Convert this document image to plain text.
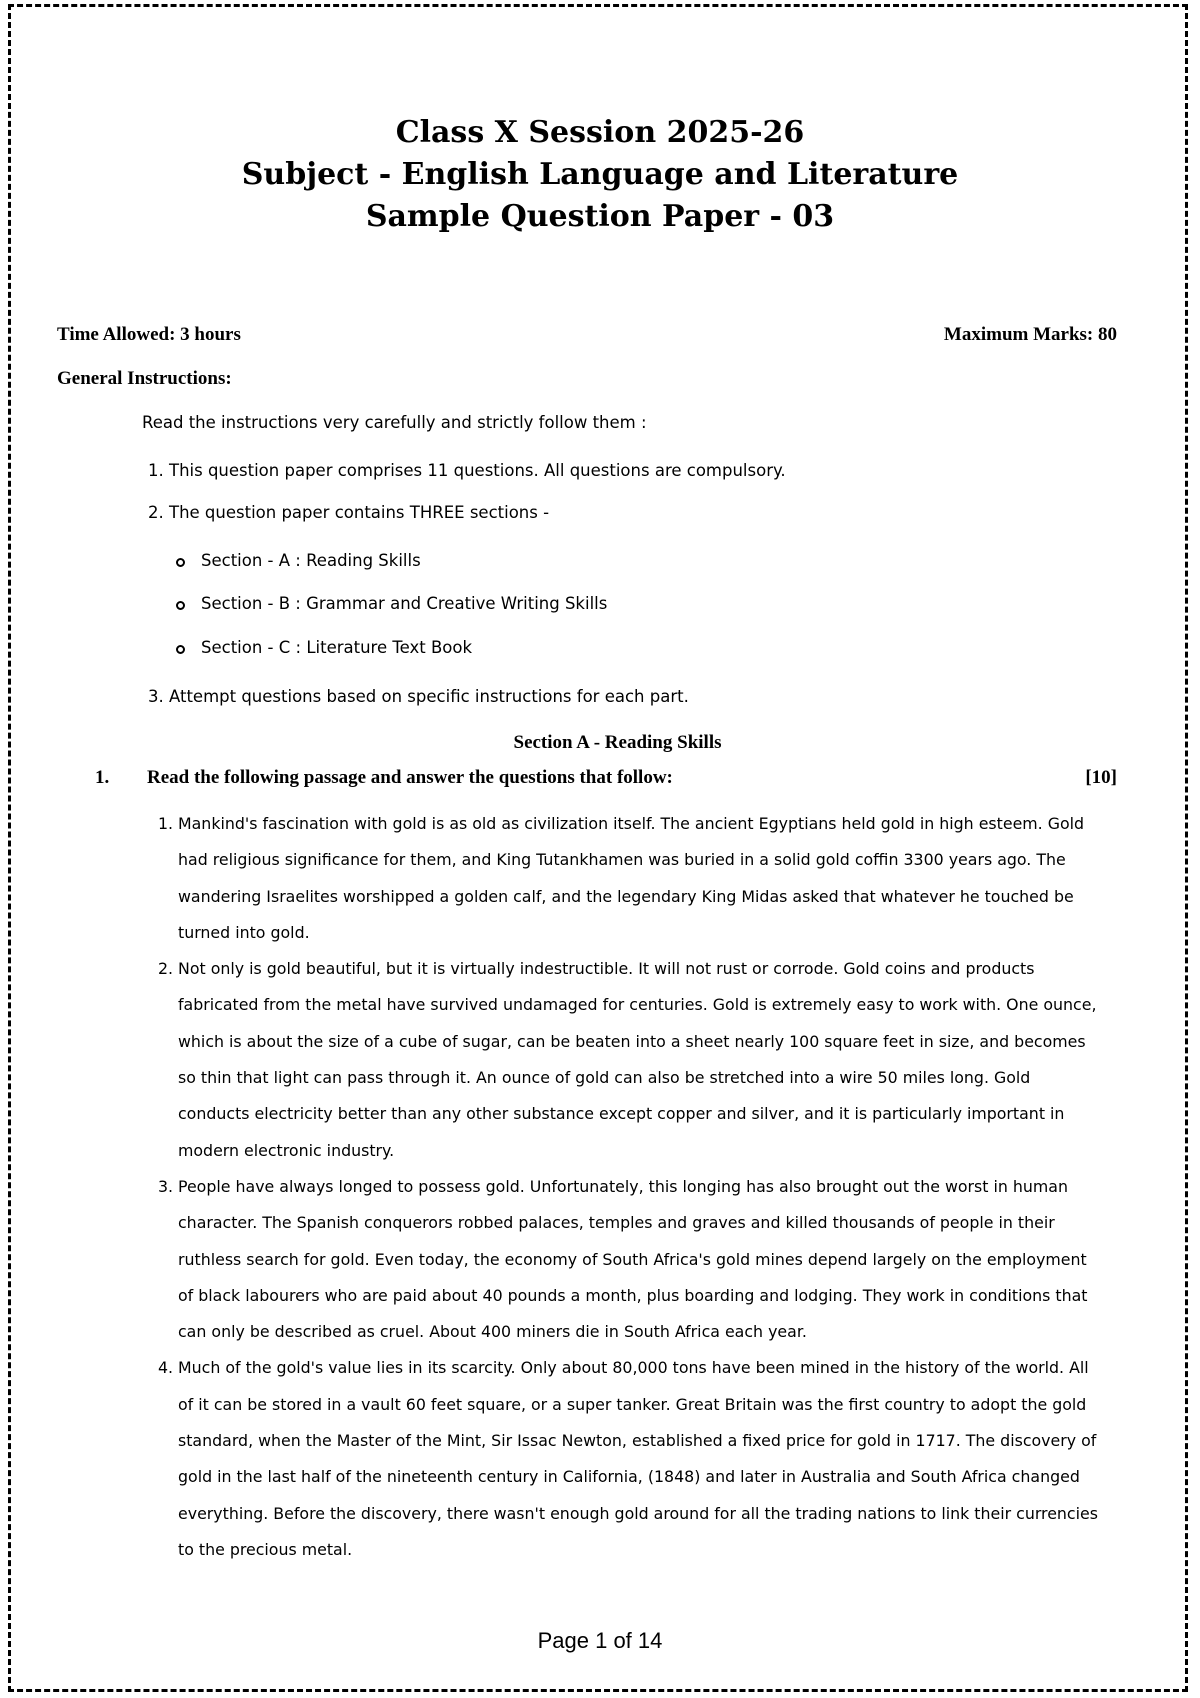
Class X Session 2025-26
Subject - English Language and Literature
Sample Question Paper - 03
Time Allowed: 3 hours	Maximum Marks: 80
General Instructions:
Read the instructions very carefully and strictly follow them :
1. This question paper comprises 11 questions. All questions are compulsory.
2. The question paper contains THREE sections -
Section - A : Reading Skills
Section - B : Grammar and Creative Writing Skills
Section - C : Literature Text Book
3. Attempt questions based on specific instructions for each part.
Section A - Reading Skills
1. Read the following passage and answer the questions that follow:	[10]
1. Mankind's fascination with gold is as old as civilization itself. The ancient Egyptians held gold in high esteem. Gold had religious significance for them, and King Tutankhamen was buried in a solid gold coffin 3300 years ago. The wandering Israelites worshipped a golden calf, and the legendary King Midas asked that whatever he touched be turned into gold.
2. Not only is gold beautiful, but it is virtually indestructible. It will not rust or corrode. Gold coins and products fabricated from the metal have survived undamaged for centuries. Gold is extremely easy to work with. One ounce, which is about the size of a cube of sugar, can be beaten into a sheet nearly 100 square feet in size, and becomes so thin that light can pass through it. An ounce of gold can also be stretched into a wire 50 miles long. Gold conducts electricity better than any other substance except copper and silver, and it is particularly important in modern electronic industry.
3. People have always longed to possess gold. Unfortunately, this longing has also brought out the worst in human character. The Spanish conquerors robbed palaces, temples and graves and killed thousands of people in their ruthless search for gold. Even today, the economy of South Africa's gold mines depend largely on the employment of black labourers who are paid about 40 pounds a month, plus boarding and lodging. They work in conditions that can only be described as cruel. About 400 miners die in South Africa each year.
4. Much of the gold's value lies in its scarcity. Only about 80,000 tons have been mined in the history of the world. All of it can be stored in a vault 60 feet square, or a super tanker. Great Britain was the first country to adopt the gold standard, when the Master of the Mint, Sir Issac Newton, established a fixed price for gold in 1717. The discovery of gold in the last half of the nineteenth century in California, (1848) and later in Australia and South Africa changed everything. Before the discovery, there wasn't enough gold around for all the trading nations to link their currencies to the precious metal.
Page 1 of 14
